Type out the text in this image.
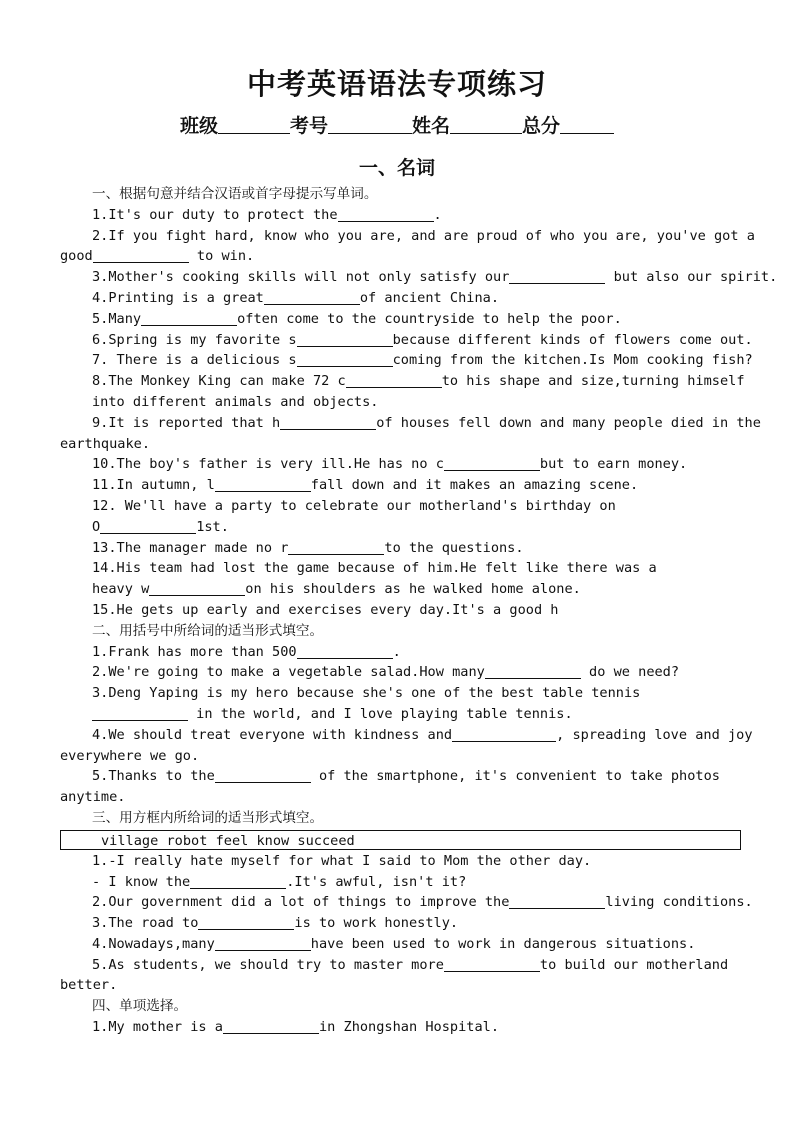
中考英语语法专项练习
班级	考号	姓名	总分
一、名词
一、根据句意并结合汉语或首字母提示写单词。
1.It's our duty to protect the	.
2.If you fight hard, know who you are, and are proud of who you are, you've got a
good	to win.
3.Mother's cooking skills will not only satisfy our	but also our spirit.
4.Printing is a great	of ancient China.
5.Many	often come to the countryside to help the poor.
6.Spring is my favorite s	because different kinds of flowers come out.
7. There is a delicious s	coming from the kitchen.Is Mom cooking fish?
8.The Monkey King can make 72 c	to his shape and size,turning himself
into different animals and objects.
9.It is reported that h	of houses fell down and many people died in the
earthquake.
10.The boy's father is very ill.He has no c	but to earn money.
11.In autumn, l	fall down and it makes an amazing scene.
12. We'll have a party to celebrate our motherland's birthday on
O	1st.
13.The manager made no r	to the questions.
14.His team had lost the game because of him.He felt like there was a
heavy w	on his shoulders as he walked home alone.
15.He gets up early and exercises every day.It's a good h
二、用括号中所给词的适当形式填空。
1.Frank has more than 500	.
2.We're going to make a vegetable salad.How many	do we need?
3.Deng Yaping is my hero because she's one of the best table tennis
in the world, and I love playing table tennis.
4.We should treat everyone with kindness and	, spreading love and joy
everywhere we go.
5.Thanks to the	of the smartphone, it's convenient to take photos
anytime.
三、用方框内所给词的适当形式填空。
village robot feel know succeed
1.-I really hate myself for what I said to Mom the other day.
- I know the	.It's awful, isn't it?
2.Our government did a lot of things to improve the	living conditions.
3.The road to	is to work honestly.
4.Nowadays,many	have been used to work in dangerous situations.
5.As students, we should try to master more	to build our motherland
better.
四、单项选择。
1.My mother is a	in Zhongshan Hospital.
